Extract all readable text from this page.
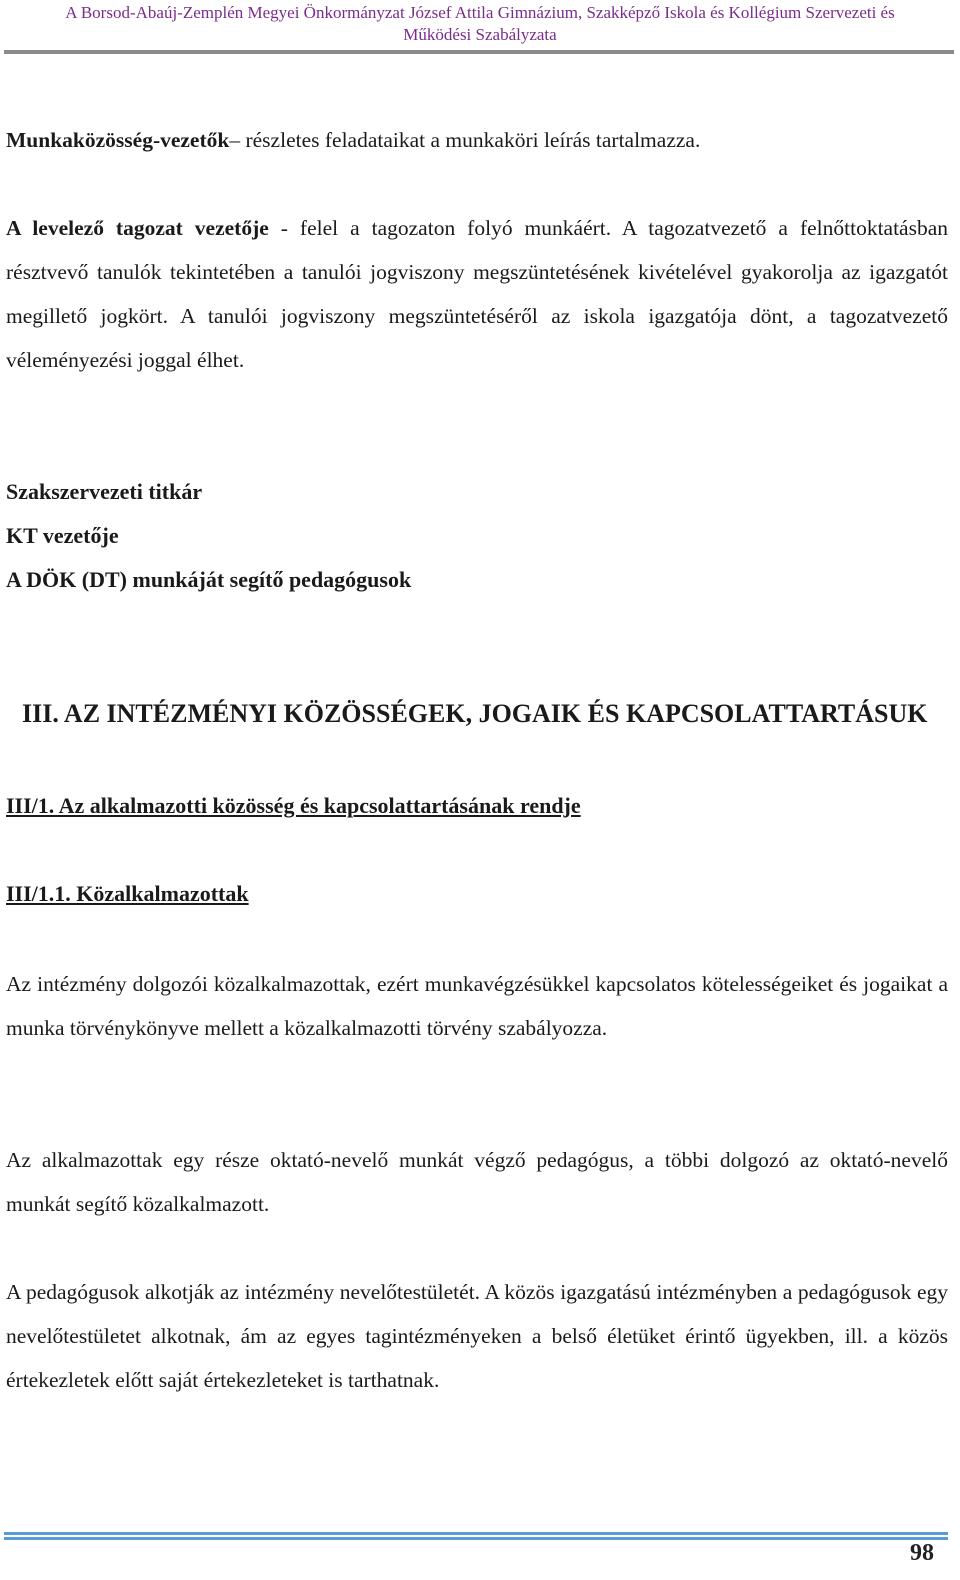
A Borsod-Abaúj-Zemplén Megyei Önkormányzat József Attila Gimnázium, Szakképző Iskola és Kollégium Szervezeti és
Működési Szabályzata
Munkaközösség-vezetők– részletes feladataikat a munkaköri leírás tartalmazza.
A levelező tagozat vezetője - felel a tagozaton folyó munkáért. A tagozatvezető a felnőttoktatásban résztvevő tanulók tekintetében a tanulói jogviszony megszüntetésének kivételével gyakorolja az igazgatót megillető jogkört. A tanulói jogviszony megszüntetéséről az iskola igazgatója dönt, a tagozatvezető véleményezési joggal élhet.
Szakszervezeti titkár
KT vezetője
A DÖK (DT) munkáját segítő pedagógusok
III. AZ INTÉZMÉNYI KÖZÖSSÉGEK, JOGAIK ÉS KAPCSOLATTARTÁSUK
III/1. Az alkalmazotti közösség és kapcsolattartásának rendje
III/1.1. Közalkalmazottak
Az intézmény dolgozói közalkalmazottak, ezért munkavégzésükkel kapcsolatos kötelességeiket és jogaikat a munka törvénykönyve mellett a közalkalmazotti törvény szabályozza.
Az alkalmazottak egy része oktató-nevelő munkát végző pedagógus, a többi dolgozó az oktató-nevelő munkát segítő közalkalmazott.
A pedagógusok alkotják az intézmény nevelőtestületét. A közös igazgatású intézményben a pedagógusok egy nevelőtestületet alkotnak, ám az egyes tagintézményeken a belső életüket érintő ügyekben, ill. a közös értekezletek előtt saját értekezleteket is tarthatnak.
98
